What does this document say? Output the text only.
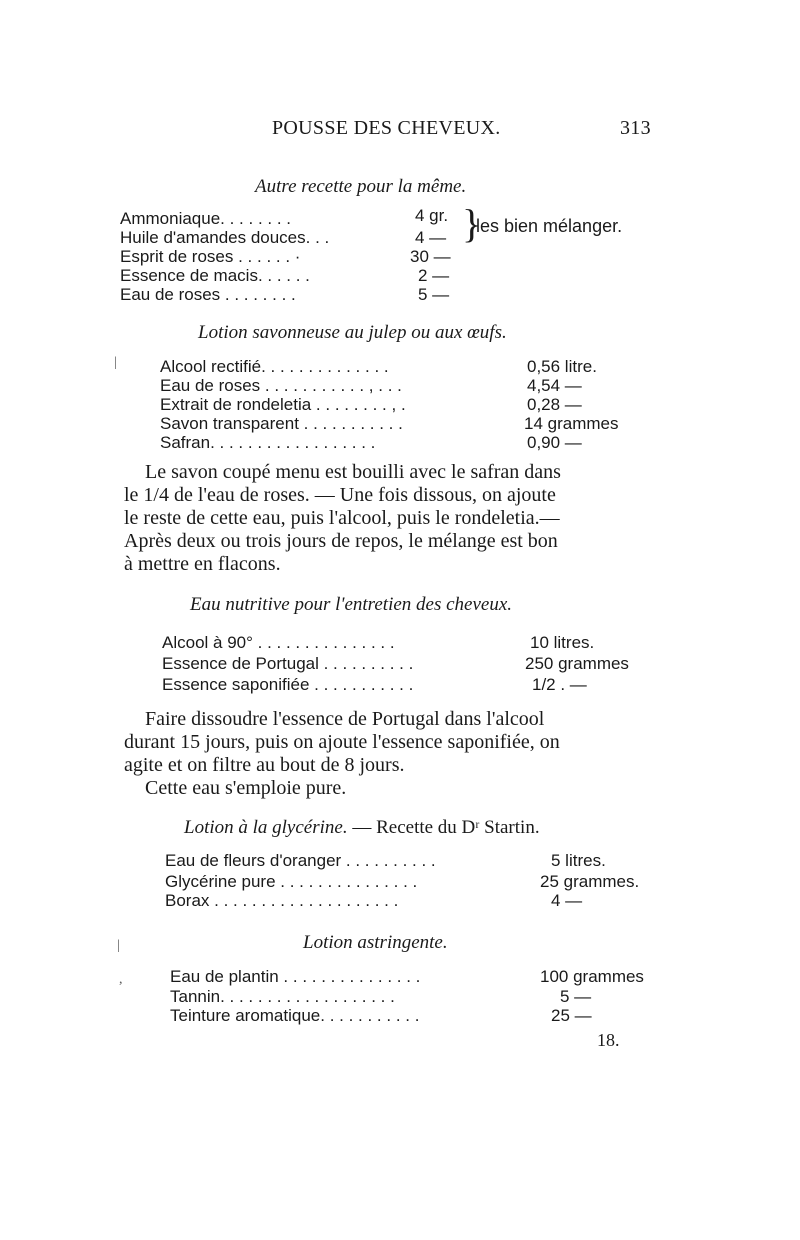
POUSSE DES CHEVEUX.	313
Autre recette pour la même.
Ammoniaque. . . . . . . .	4 gr.
Huile d'amandes douces. . .	4 —
Esprit de roses . . . . . . ·	30 —
Essence de macis. . . . . .	2 —
Eau de roses . . . . . . . .	5 —
}
les bien mélanger.
Lotion savonneuse au julep ou aux œufs.
Alcool rectifié. . . . . . . . . . . . . .	0,56 litre.
Eau de roses . . . . . . . . . . . , . . .	4,54 —
Extrait de rondeletia . . . . . . . . , .	0,28 —
Savon transparent . . . . . . . . . . .	14 grammes
Safran. . . . . . . . . . . . . . . . . .	0,90 —
Le savon coupé menu est bouilli avec le safran dans
le 1/4 de l'eau de roses. — Une fois dissous, on ajoute
le reste de cette eau, puis l'alcool, puis le rondeletia.—
Après deux ou trois jours de repos, le mélange est bon
à mettre en flacons.
Eau nutritive pour l'entretien des cheveux.
Alcool à 90° . . . . . . . . . . . . . . .	10 litres.
Essence de Portugal . . . . . . . . . .	250 grammes
Essence saponifiée . . . . . . . . . . .	1/2 . —
Faire dissoudre l'essence de Portugal dans l'alcool
durant 15 jours, puis on ajoute l'essence saponifiée, on
agite et on filtre au bout de 8 jours.
Cette eau s'emploie pure.
Lotion à la glycérine. — Recette du Dʳ Startin.
Eau de fleurs d'oranger . . . . . . . . . .	5 litres.
Glycérine pure . . . . . . . . . . . . . . .	25 grammes.
Borax . . . . . . . . . . . . . . . . . . . .	4 —
Lotion astringente.
Eau de plantin . . . . . . . . . . . . . . .	100 grammes
Tannin. . . . . . . . . . . . . . . . . . .	5 —
Teinture aromatique. . . . . . . . . . .	25 —
18.
|
|
,
